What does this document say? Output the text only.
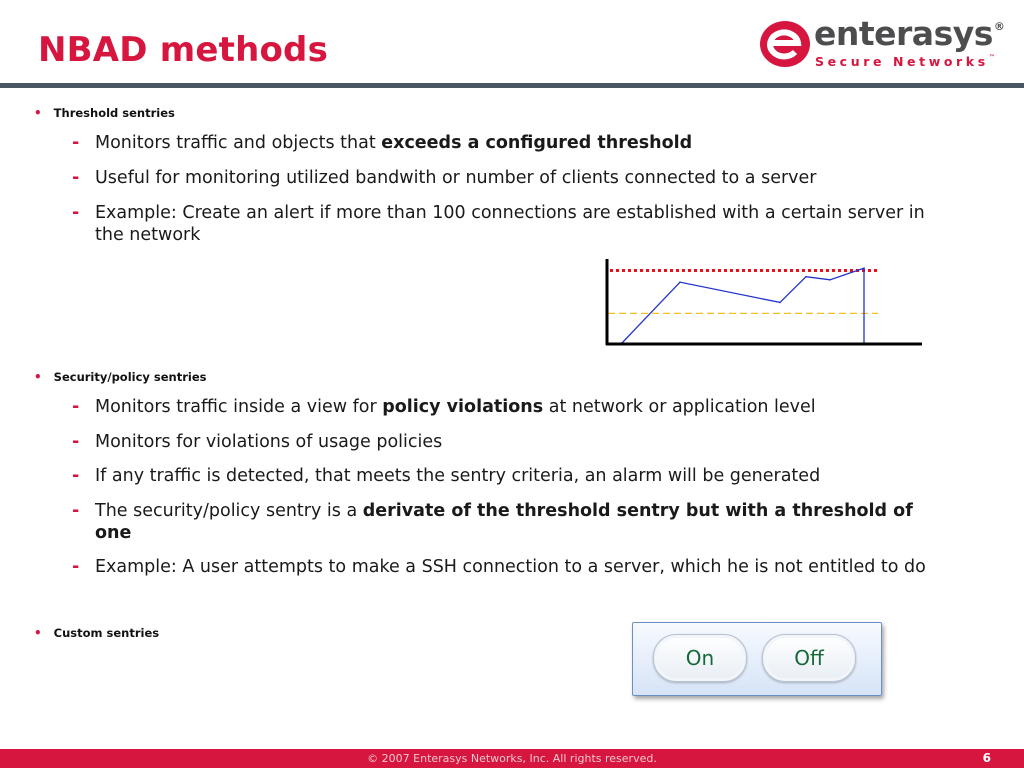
NBAD methods	enterasys®
Secure Networks™
• Threshold sentries
- Monitors traffic and objects that exceeds a configured threshold
- Useful for monitoring utilized bandwith or number of clients connected to a server
- Example: Create an alert if more than 100 connections are established with a certain server in the network
• Security/policy sentries
- Monitors traffic inside a view for policy violations at network or application level
- Monitors for violations of usage policies
- If any traffic is detected, that meets the sentry criteria, an alarm will be generated
- The security/policy sentry is a derivate of the threshold sentry but with a threshold of one
- Example: A user attempts to make a SSH connection to a server, which he is not entitled to do
• Custom sentries
On	Off
© 2007 Enterasys Networks, Inc. All rights reserved.	6
